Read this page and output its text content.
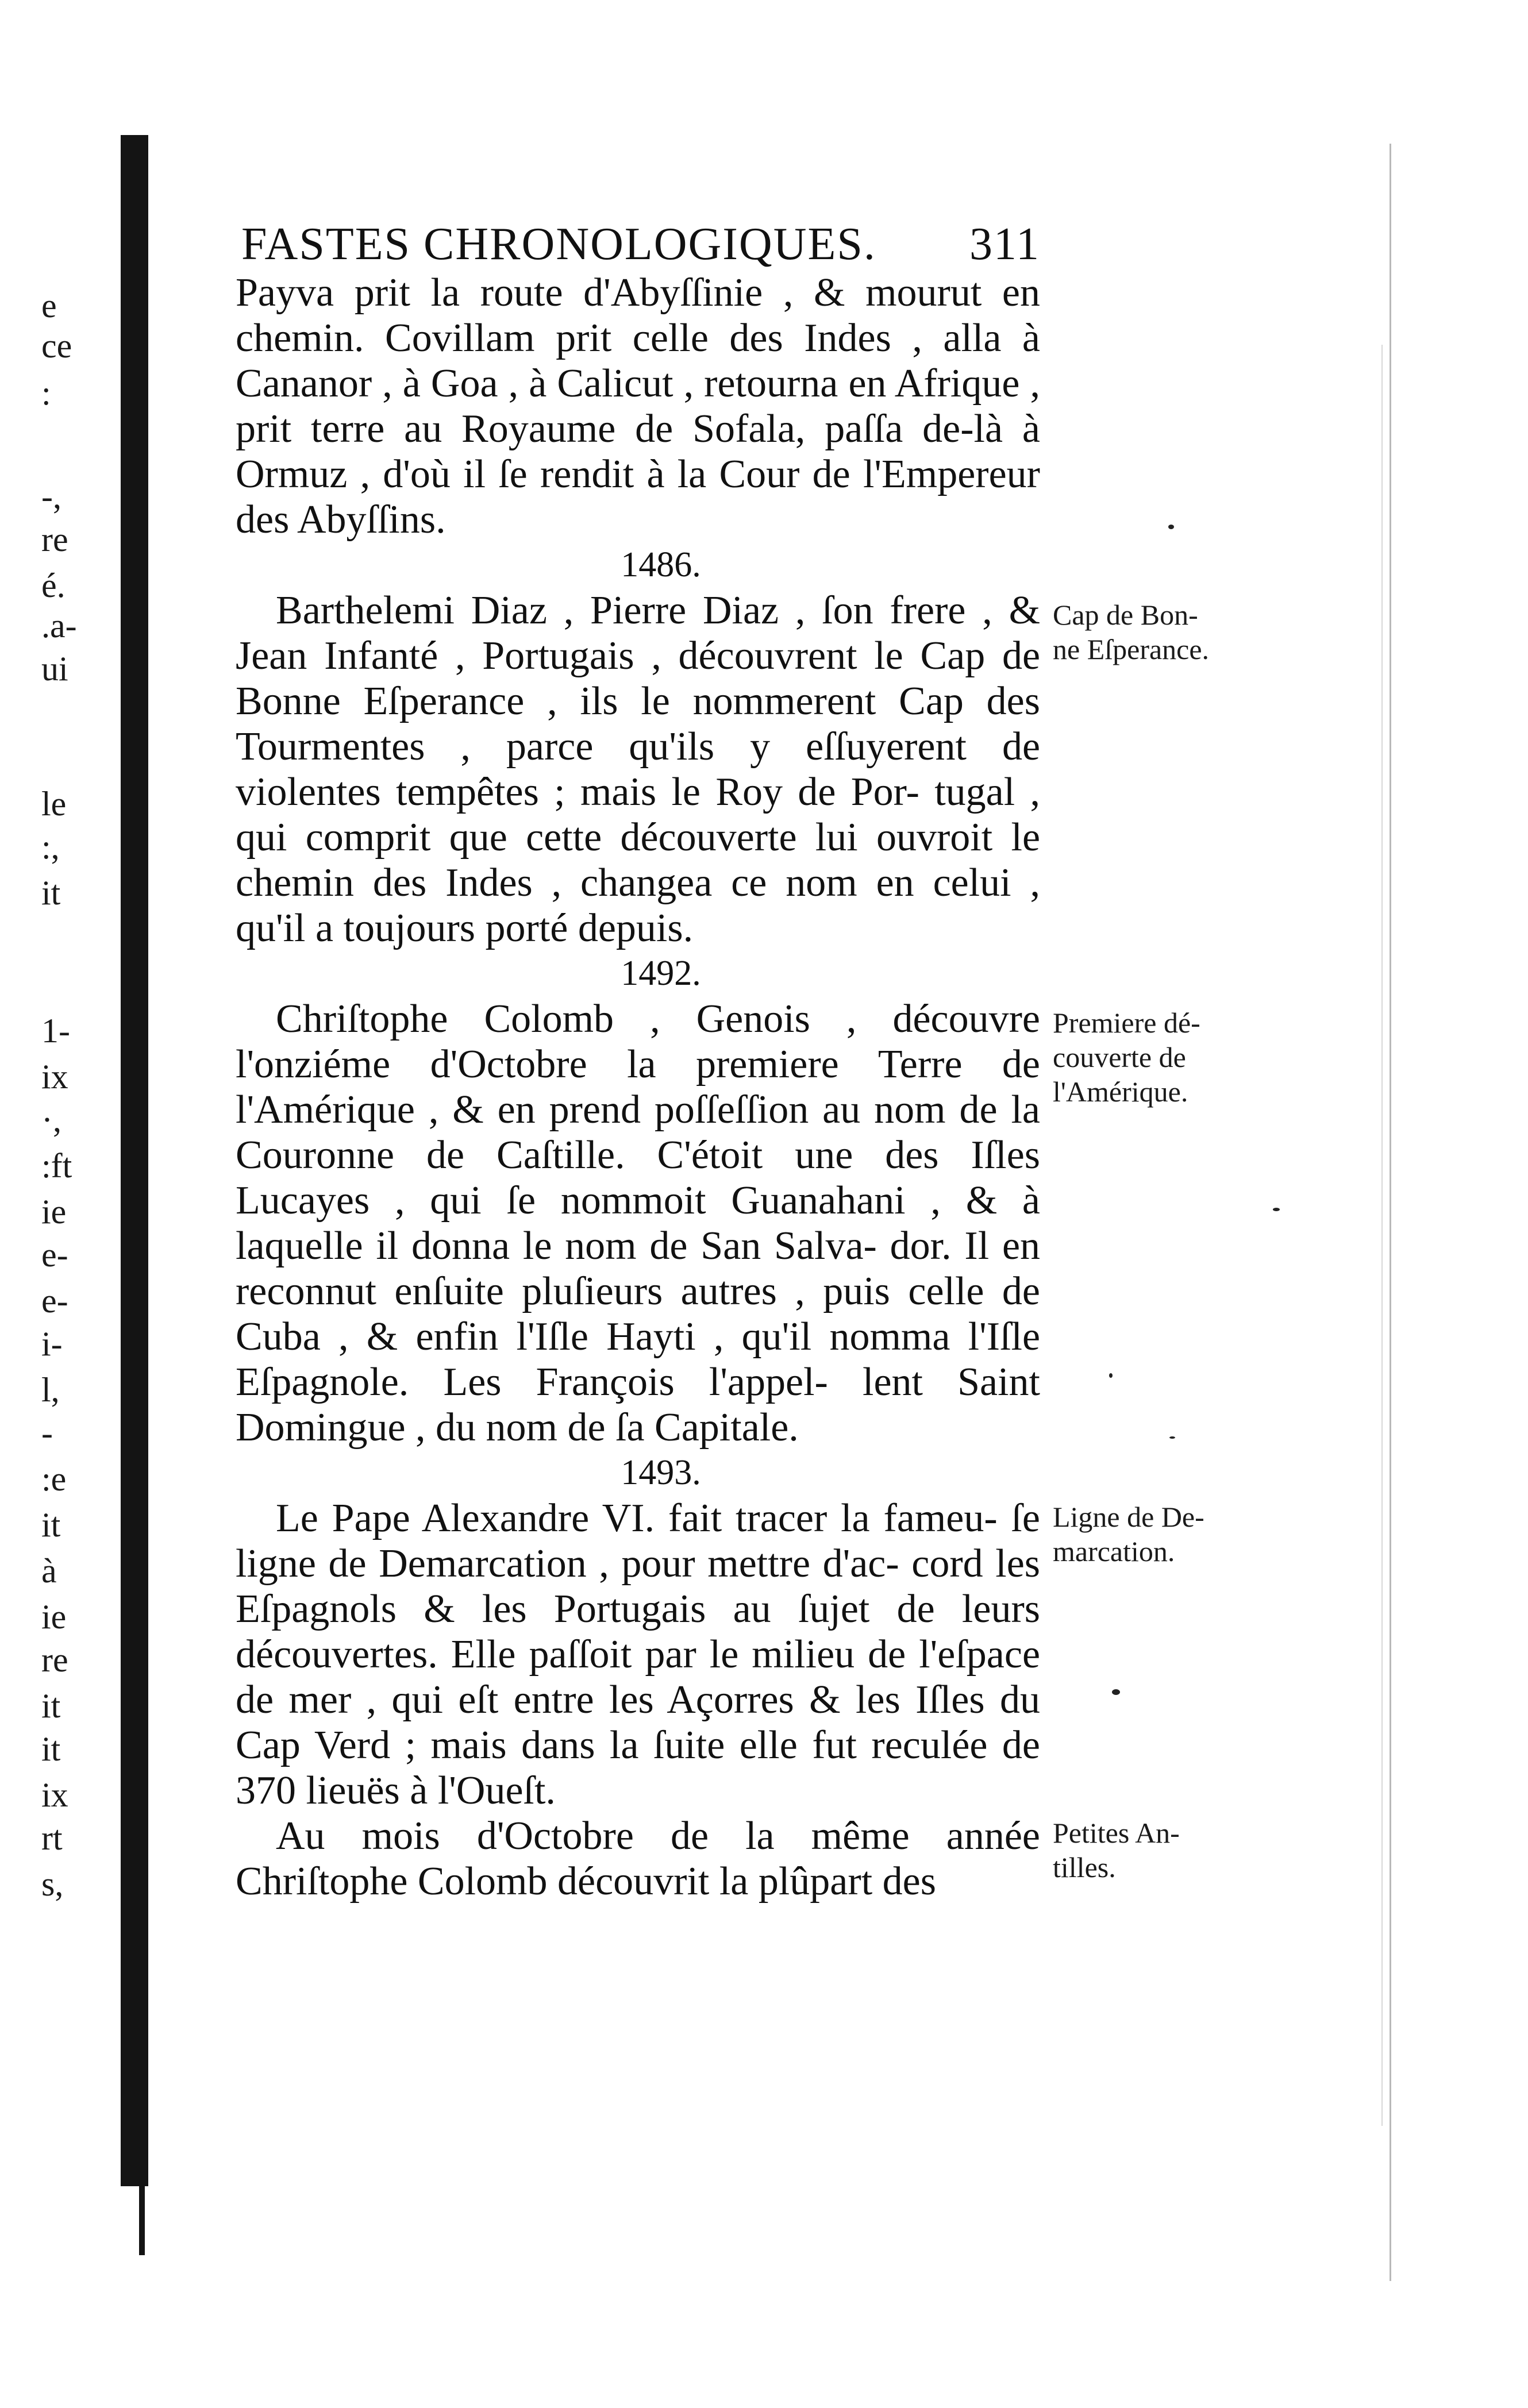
e
ce
:
-,
re
é.
.a-
ui
le
:,
it
1-
ix
·,
:ft
ie
e-
e-
i-
l,
-
:e
it
à
ie
re
it
it
ix
rt
s,
FASTES CHRONOLOGIQUES. 311

Payva prit la route d'Abyſſinie , & mourut en chemin. Covillam prit celle des Indes , alla à Cananor , à Goa , à Calicut , retourna en Afrique , prit terre au Royaume de Sofala, paſſa de-là à Ormuz , d'où il ſe rendit à la Cour de l'Empereur des Abyſſins.

1486.

Barthelemi Diaz , Pierre Diaz , ſon frere , & Jean Infanté , Portugais , découvrent le Cap de Bonne Eſperance , ils le nommerent Cap des Tourmentes , parce qu'ils y eſſuyerent de violentes tempêtes ; mais le Roy de Por- tugal , qui comprit que cette découverte lui ouvroit le chemin des Indes , changea ce nom en celui , qu'il a toujours porté depuis.

1492.

Chriſtophe Colomb , Genois , découvre l'onziéme d'Octobre la premiere Terre de l'Amérique , & en prend poſſeſſion au nom de la Couronne de Caſtille. C'étoit une des Iſles Lucayes , qui ſe nommoit Guanahani , & à laquelle il donna le nom de San Salva- dor. Il en reconnut enſuite pluſieurs autres , puis celle de Cuba , & enfin l'Iſle Hayti , qu'il nomma l'Iſle Eſpagnole. Les François l'appel- lent Saint Domingue , du nom de ſa Capitale.

1493.

Le Pape Alexandre VI. fait tracer la fameu- ſe ligne de Demarcation , pour mettre d'ac- cord les Eſpagnols & les Portugais au ſujet de leurs découvertes. Elle paſſoit par le milieu de l'eſpace de mer , qui eſt entre les Açorres & les Iſles du Cap Verd ; mais dans la ſuite elle fut reculée de 370 lieuës à l'Oueſt.

Au mois d'Octobre de la même année Chriſtophe Colomb découvrit la plûpart des

Cap de Bon-
ne Eſperance.
Premiere dé-
couverte de
l'Amérique.
Ligne de De-
marcation.
Petites An-
tilles.
